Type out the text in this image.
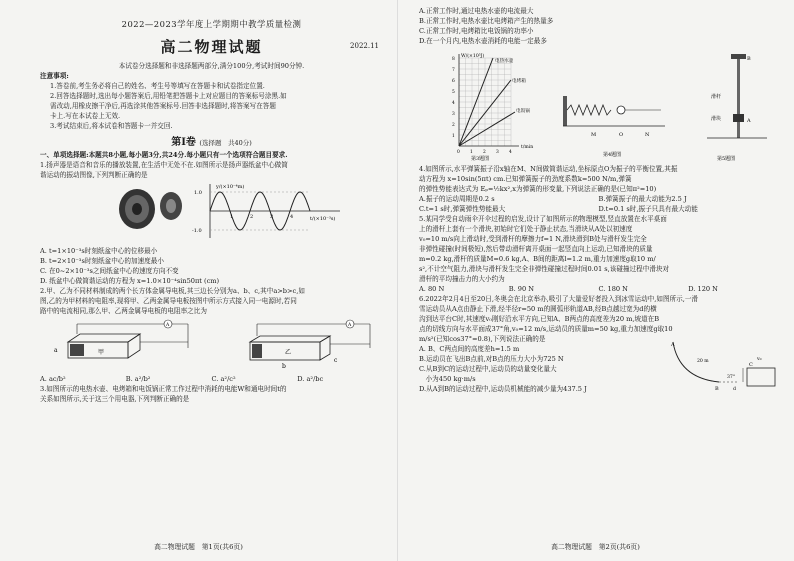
2022—2023学年度上学期期中教学质量检测
高二物理试题	2022.11
本试卷分选择题和非选择题两部分,满分100分,考试时间90分钟.
注意事项:
1.答卷前,考生务必将自己的姓名、考生号等填写在答题卡和试卷指定位置.
2.回答选择题时,选出每小题答案后,用铅笔把答题卡上对应题目的答案标号涂黑.如
需改动,用橡皮擦干净后,再选涂其他答案标号.回答非选择题时,将答案写在答题
卡上.写在本试卷上无效.
3.考试结束后,将本试卷和答题卡一并交回.
第Ⅰ卷 (选择题　共40分)
一、单项选择题:本题共8小题,每小题3分,共24分.每小题只有一个选项符合题目要求.
1.扬声器是语音和音乐的播放装置,在生活中无处不在.如图所示是扬声器纸盆中心做简
谐运动的振动图像,下列判断正确的是
y/(×10⁻⁴m)
t/(×10⁻³s)
1.0
-1.0
1	2	3	4
A. t=1×10⁻³s时刻纸盆中心的位移最小
B. t=2×10⁻³s时刻纸盆中心的加速度最小
C. 在0~2×10⁻³s之间纸盆中心的速度方向不变
D. 纸盆中心做简谐运动的方程为 x=1.0×10⁻⁴sin50πt (cm)
2.甲、乙为不同材料制成的两个长方体金属导电板,其三边长分别为a、b、c,其中a>b>c,如
图,乙的为甲材料的电阻率,现将甲、乙两金属导电板按图中所示方式接入同一电源时,若同
路中的电流相同,那么甲、乙两金属导电板的电阻率之比为
甲
A
a	乙
A
c
b
A. ac/b²	B. a²/b²	C. a²/c²	D. a²/bc
3.如图所示的电热水壶、电烤箱和电饭锅正常工作过程中消耗的电能W和通电时间t的
关系如图所示,关于这三个用电器,下列判断正确的是
高二物理试题　第1页(共6页)
A.正常工作时,通过电热水壶的电流最大
B.正常工作时,电热水壶比电烤箱产生的热量多
C.正常工作时,电烤箱比电饭锅的功率小
D.在一个月内,电热水壶消耗的电能一定最多
W/(×10⁵J)
t/min
电热水壶
电烤箱
电饭锅
1
2
3
4
5
6
7
8
0 1 2 3 4
第3题图
M	O	N
第4题图
B
滑杆
滑块	A
第5题图
4.如图所示,水平弹簧振子沿x轴在M、N间做简谐运动,坐标原点O为振子的平衡位置,其振
动方程为 x=10sin(5πt) cm.已知弹簧振子的劲度系数k=500 N/m,弹簧
的弹性势能表达式为 Eₚ=½kx²,x为弹簧的形变量,下列说法正确的是(已知π²=10)
A.振子的运动周期是0.2 s	B.弹簧振子的最大动能为2.5 J
C.t=1 s时,弹簧弹性势能最大	D.t=0.1 s时,振子只具有最大动能
5.某同学受自动雨伞开伞过程的启发,设计了如图所示的物理模型,竖直放置在水平桌面
上的滑杆上套有一个滑块,初始时它们处于静止状态,当滑块从A处以初速度
v₀=10 m/s向上滑动时,受到滑杆的摩擦力f=1 N,滑块滑到B处与滑杆发生完全
非弹性碰撞(时间极短),然后带动滑杆离开桌面一起竖直向上运动,已知滑块的质量
m=0.2 kg,滑杆的质量M=0.6 kg,A、B间的距离l=1.2 m,重力加速度g取10 m/
s²,不计空气阻力,滑块与滑杆发生完全非弹性碰撞过程时间0.01 s,该碰撞过程中滑块对
滑杆的平均撞击力的大小约为
A. 80 N	B. 90 N	C. 180 N	D. 120 N
6.2022年2月4日至20日,冬奥会在北京举办,吸引了大量爱好者投入到冰雪运动中,如图所示,一滑
雪运动员从A点由静止下滑,经半径r=50 m的圆弧形轨道AB,经B点越过宽为d的横
沟到达平台C时,其速度v₀刚好沿水平方向,已知A、B两点的高度差为20 m,坡道在B
点的切线方向与水平面成37°角,v₀=12 m/s,运动员的质量m=50 kg,重力加速度g取10
m/s²(已知cos37°=0.8),下列说法正确的是
A. B、C两点间的高度差h=1.5 m
B.运动员在飞出B点前,对B点的压力大小为725 N
C.从B到C的运动过程中,运动员的动量变化量大
　小为450 kg·m/s
D.从A到B的运动过程中,运动员机械能的减少量为437.5 J
A
B
C
20 m	v₀
37°
d
高二物理试题　第2页(共6页)
